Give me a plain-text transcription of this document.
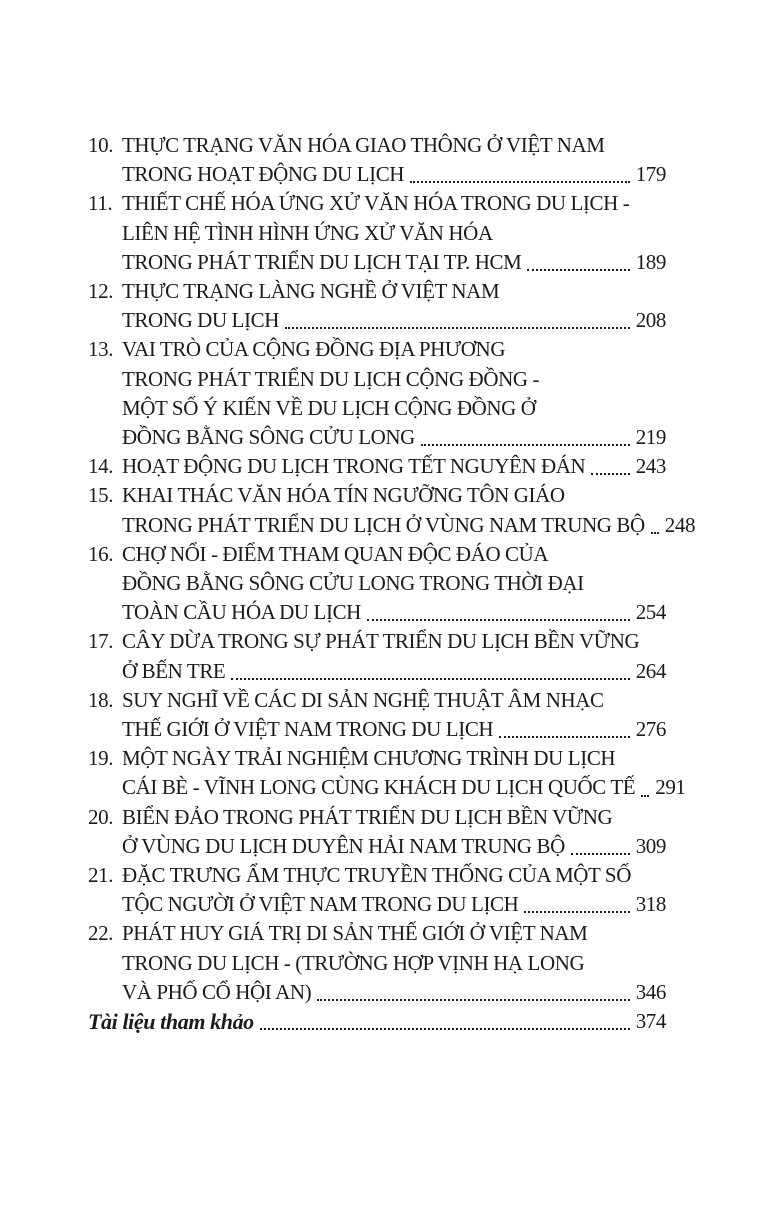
10. THỰC TRẠNG VĂN HÓA GIAO THÔNG Ở VIỆT NAM
TRONG HOẠT ĐỘNG DU LỊCH	179
11. THIẾT CHẾ HÓA ỨNG XỬ VĂN HÓA TRONG DU LỊCH -
LIÊN HỆ TÌNH HÌNH ỨNG XỬ VĂN HÓA
TRONG PHÁT TRIỂN DU LỊCH TẠI TP. HCM	189
12. THỰC TRẠNG LÀNG NGHỀ Ở VIỆT NAM
TRONG DU LỊCH	208
13. VAI TRÒ CỦA CỘNG ĐỒNG ĐỊA PHƯƠNG
TRONG PHÁT TRIỂN DU LỊCH CỘNG ĐỒNG -
MỘT SỐ Ý KIẾN VỀ DU LỊCH CỘNG ĐỒNG Ở
ĐỒNG BẰNG SÔNG CỬU LONG	219
14. HOẠT ĐỘNG DU LỊCH TRONG TẾT NGUYÊN ĐÁN 243
15. KHAI THÁC VĂN HÓA TÍN NGƯỠNG TÔN GIÁO
TRONG PHÁT TRIỂN DU LỊCH Ở VÙNG NAM TRUNG BỘ 248
16. CHỢ NỔI - ĐIỂM THAM QUAN ĐỘC ĐÁO CỦA
ĐỒNG BẰNG SÔNG CỬU LONG TRONG THỜI ĐẠI
TOÀN CẦU HÓA DU LỊCH	254
17. CÂY DỪA TRONG SỰ PHÁT TRIỂN DU LỊCH BỀN VỮNG
Ở BẾN TRE	264
18. SUY NGHĨ VỀ CÁC DI SẢN NGHỆ THUẬT ÂM NHẠC
THẾ GIỚI Ở VIỆT NAM TRONG DU LỊCH	276
19. MỘT NGÀY TRẢI NGHIỆM CHƯƠNG TRÌNH DU LỊCH
CÁI BÈ - VĨNH LONG CÙNG KHÁCH DU LỊCH QUỐC TẾ 291
20. BIỂN ĐẢO TRONG PHÁT TRIỂN DU LỊCH BỀN VỮNG
Ở VÙNG DU LỊCH DUYÊN HẢI NAM TRUNG BỘ	309
21. ĐẶC TRƯNG ẨM THỰC TRUYỀN THỐNG CỦA MỘT SỐ
TỘC NGƯỜI Ở VIỆT NAM TRONG DU LỊCH	318
22. PHÁT HUY GIÁ TRỊ DI SẢN THẾ GIỚI Ở VIỆT NAM
TRONG DU LỊCH - (TRƯỜNG HỢP VỊNH HẠ LONG
VÀ PHỐ CỔ HỘI AN)	346
Tài liệu tham khảo	374
